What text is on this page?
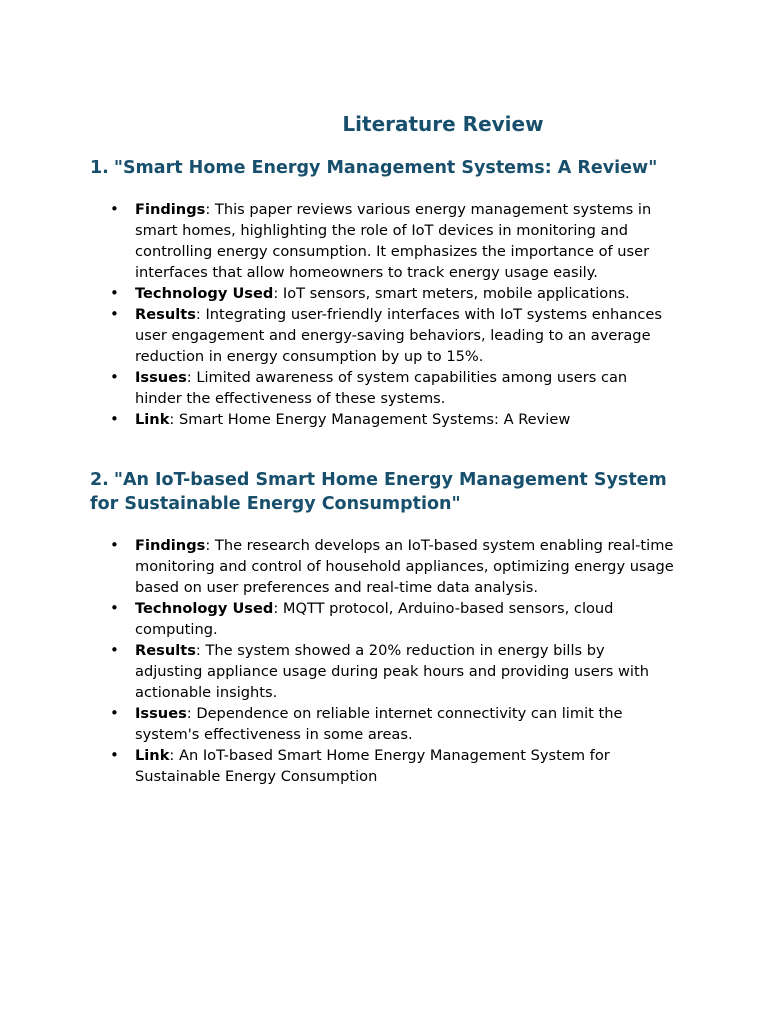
Literature Review
1. "Smart Home Energy Management Systems: A Review"
• Findings: This paper reviews various energy management systems in smart homes, highlighting the role of IoT devices in monitoring and controlling energy consumption. It emphasizes the importance of user interfaces that allow homeowners to track energy usage easily.
• Technology Used: IoT sensors, smart meters, mobile applications.
• Results: Integrating user-friendly interfaces with IoT systems enhances user engagement and energy-saving behaviors, leading to an average reduction in energy consumption by up to 15%.
• Issues: Limited awareness of system capabilities among users can hinder the effectiveness of these systems.
• Link: Smart Home Energy Management Systems: A Review
2. "An IoT-based Smart Home Energy Management System for Sustainable Energy Consumption"
• Findings: The research develops an IoT-based system enabling real-time monitoring and control of household appliances, optimizing energy usage based on user preferences and real-time data analysis.
• Technology Used: MQTT protocol, Arduino-based sensors, cloud computing.
• Results: The system showed a 20% reduction in energy bills by adjusting appliance usage during peak hours and providing users with actionable insights.
• Issues: Dependence on reliable internet connectivity can limit the system's effectiveness in some areas.
• Link: An IoT-based Smart Home Energy Management System for Sustainable Energy Consumption
